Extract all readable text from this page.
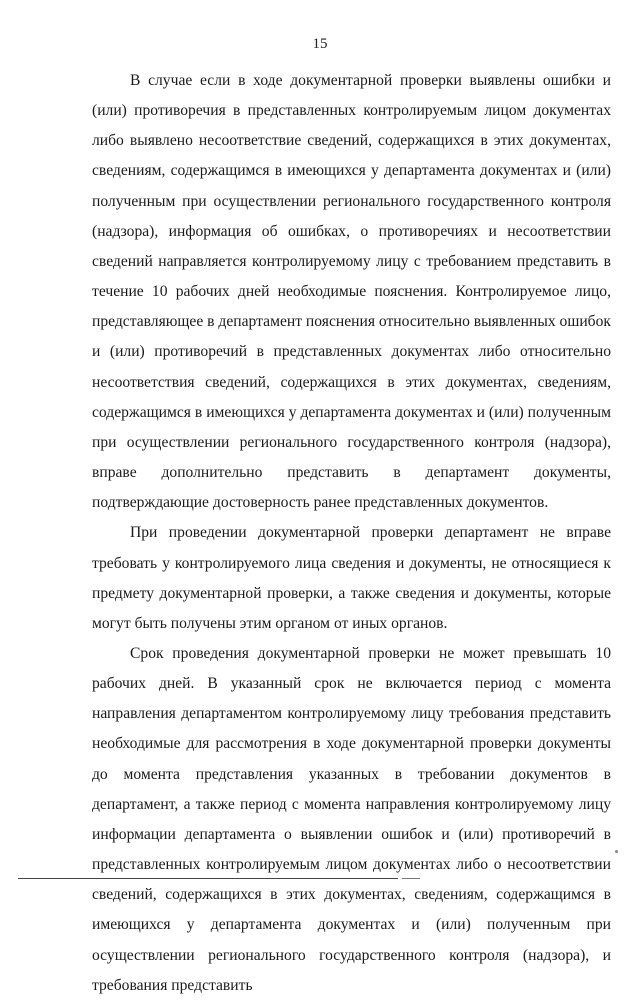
15

В случае если в ходе документарной проверки выявлены ошибки и (или) противоречия в представленных контролируемым лицом документах либо выявлено несоответствие сведений, содержащихся в этих документах, сведениям, содержащимся в имеющихся у департамента документах и (или) полученным при осуществлении регионального государственного контроля (надзора), информация об ошибках, о противоречиях и несоответствии сведений направляется контролируемому лицу с требованием представить в течение 10 рабочих дней необходимые пояснения. Контролируемое лицо, представляющее в департамент пояснения относительно выявленных ошибок и (или) противоречий в представленных документах либо относительно несоответствия сведений, содержащихся в этих документах, сведениям, содержащимся в имеющихся у департамента документах и (или) полученным при осуществлении регионального государственного контроля (надзора), вправе дополнительно представить в департамент документы, подтверждающие достоверность ранее представленных документов.

При проведении документарной проверки департамент не вправе требовать у контролируемого лица сведения и документы, не относящиеся к предмету документарной проверки, а также сведения и документы, которые могут быть получены этим органом от иных органов.

Срок проведения документарной проверки не может превышать 10 рабочих дней. В указанный срок не включается период с момента направления департаментом контролируемому лицу требования представить необходимые для рассмотрения в ходе документарной проверки документы до момента представления указанных в требовании документов в департамент, а также период с момента направления контролируемому лицу информации департамента о выявлении ошибок и (или) противоречий в представленных контролируемым лицом документах либо о несоответствии сведений, содержащихся в этих документах, сведениям, содержащимся в имеющихся у департамента документах и (или) полученным при осуществлении регионального государственного контроля (надзора), и требования представить
